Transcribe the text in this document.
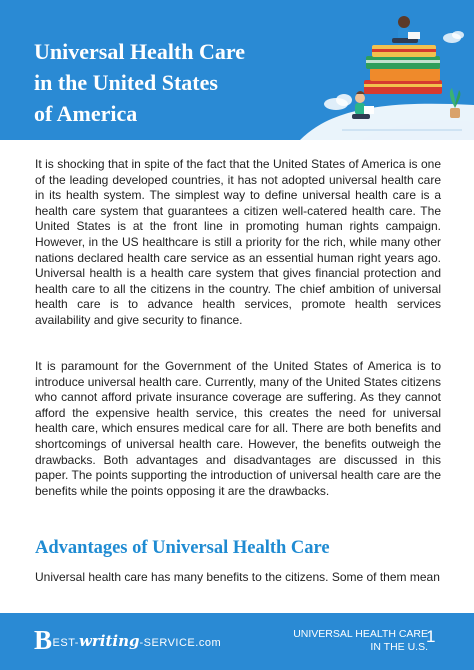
Universal Health Care
in the United States
of America

It is shocking that in spite of the fact that the United States of America is one of the leading developed countries, it has not adopted universal health care in its health system. The simplest way to define universal health care is a health care system that guarantees a citizen well-catered health care. The United States is at the front line in promoting human rights campaign. However, in the US healthcare is still a priority for the rich, while many other nations declared health care service as an essential human right years ago. Universal health is a health care system that gives financial protection and health care to all the citizens in the country. The chief ambition of universal health care is to advance health services, promote health services availability and give security to finance.

It is paramount for the Government of the United States of America is to introduce universal health care. Currently, many of the United States citizens who cannot afford private insurance coverage are suffering. As they cannot afford the expensive health service, this creates the need for universal health care, which ensures medical care for all. There are both benefits and shortcomings of universal health care. However, the benefits outweigh the drawbacks. Both advantages and disadvantages are discussed in this paper. The points supporting the introduction of universal health care are the benefits while the points opposing it are the drawbacks.

Advantages of Universal Health Care

Universal health care has many benefits to the citizens. Some of them mean

BEST-writing-SERVICE.com
UNIVERSAL HEALTH CARE
IN THE U.S.
1
